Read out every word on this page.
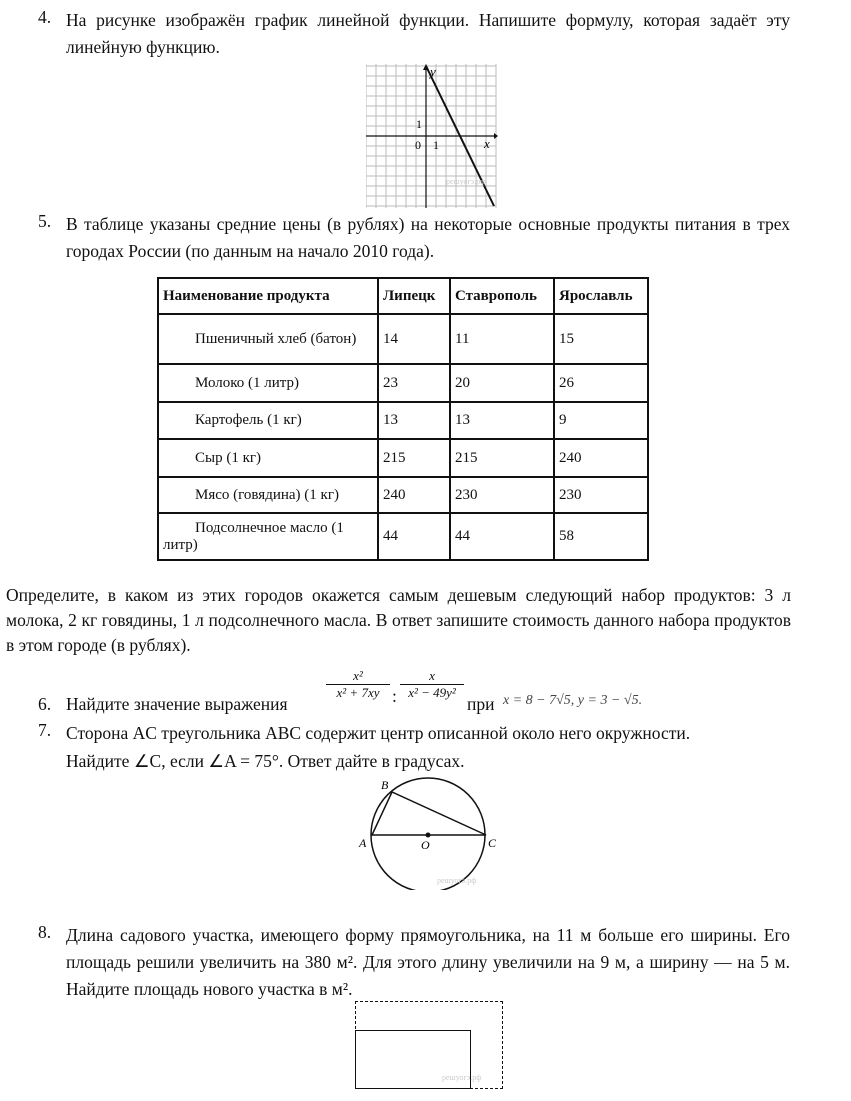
4. На рисунке изображён график линейной функции. Напишите формулу, которая задаёт эту линейную функцию.
y
x
1
0 1
решуогэ.рф
5. В таблице указаны средние цены (в рублях) на некоторые основные продукты питания в трех городах России (по данным на начало 2010 года).
Наименование продукта	Липецк	Ставрополь	Ярославль
Пшеничный хлеб (батон)	14	11	15
Молоко (1 литр)	23	20	26
Картофель (1 кг)	13	13	9
Сыр (1 кг)	215	215	240
Мясо (говядина) (1 кг)	240	230	230
Подсолнечное масло (1 литр)	44	44	58
Определите, в каком из этих городов окажется самым дешевым следующий набор продуктов: 3 л молока, 2 кг говядины, 1 л подсолнечного масла. В ответ запишите стоимость данного набора продуктов в этом городе (в рублях).
6. Найдите значение выражения
x²
x² + 7xy :
x
x² − 49y²
при x = 8 − 7√5, y = 3 − √5.
7. Сторона AC треугольника ABC содержит центр описанной около него окружности.
Найдите ∠C, если ∠A = 75°. Ответ дайте в градусах.
B
A	C
O
решуогэ.рф
8. Длина садового участка, имеющего форму прямоугольника, на 11 м больше его ширины. Его площадь решили увеличить на 380 м². Для этого длину увеличили на 9 м, а ширину — на 5 м. Найдите площадь нового участка в м².
решуогэ.рф
